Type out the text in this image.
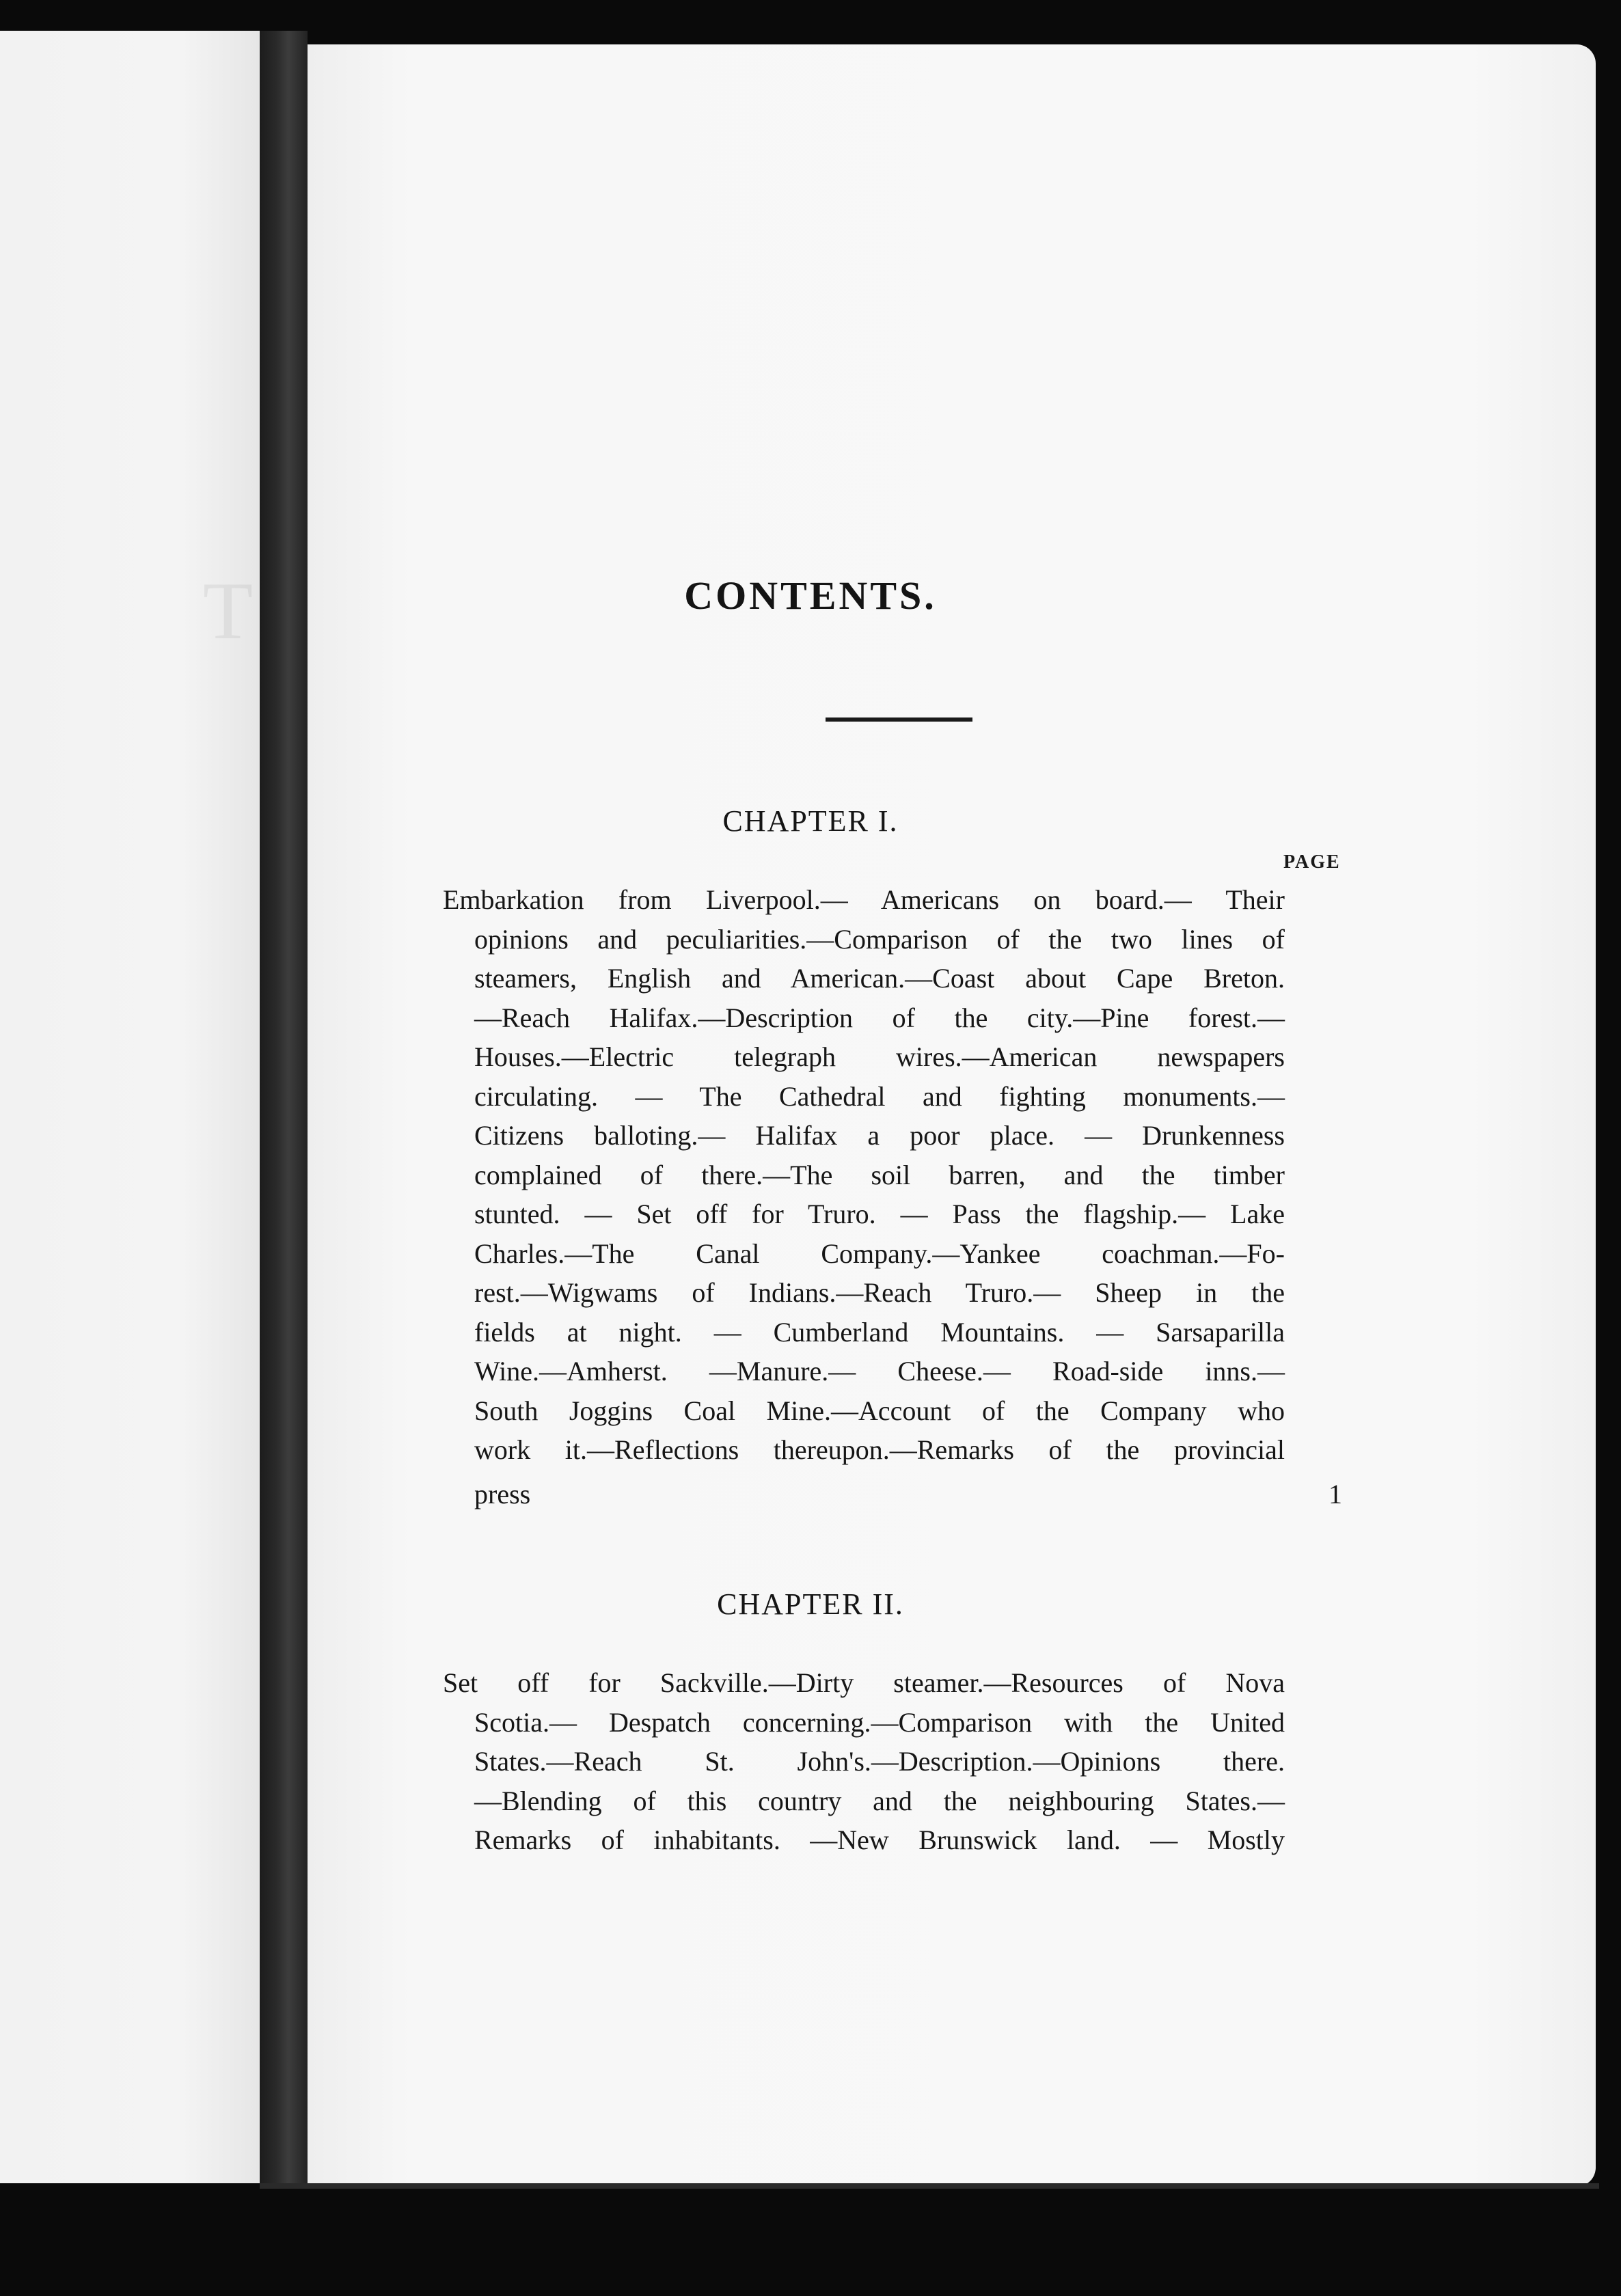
T	CONTENTS.
CHAPTER I.
PAGE
Embarkation from Liverpool.— Americans on board.— Their
opinions and peculiarities.—Comparison of the two lines of
steamers, English and American.—Coast about Cape Breton.
—Reach Halifax.—Description of the city.—Pine forest.—
Houses.—Electric telegraph wires.—American newspapers
circulating. — The Cathedral and fighting monuments.—
Citizens balloting.— Halifax a poor place. — Drunkenness
complained of there.—The soil barren, and the timber
stunted. — Set off for Truro. — Pass the flagship.— Lake
Charles.—The Canal Company.—Yankee coachman.—Fo-
rest.—Wigwams of Indians.—Reach Truro.— Sheep in the
fields at night. — Cumberland Mountains. — Sarsaparilla
Wine.—Amherst. —Manure.— Cheese.— Road-side inns.—
South Joggins Coal Mine.—Account of the Company who
work it.—Reflections thereupon.—Remarks of the provincial
press	1
CHAPTER II.
Set off for Sackville.—Dirty steamer.—Resources of Nova
Scotia.— Despatch concerning.—Comparison with the United
States.—Reach St. John's.—Description.—Opinions there.
—Blending of this country and the neighbouring States.—
Remarks of inhabitants. —New Brunswick land. — Mostly
